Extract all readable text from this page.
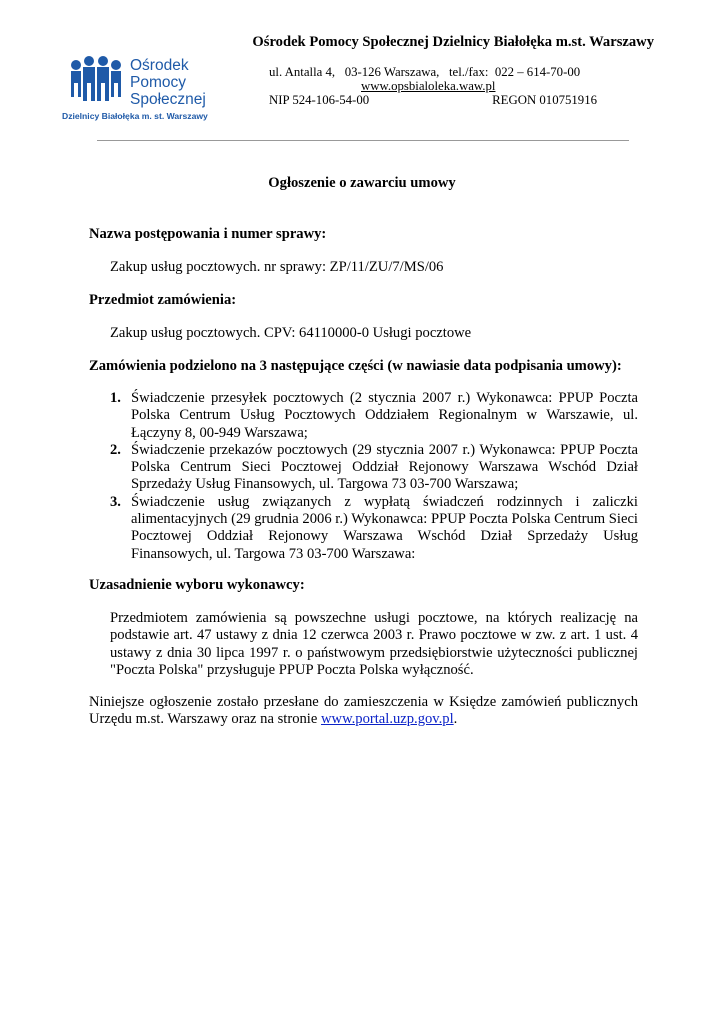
Ośrodek
Pomocy
Społecznej
Dzielnicy Białołęka m. st. Warszawy
Ośrodek Pomocy Społecznej Dzielnicy Białołęka m.st. Warszawy
ul. Antalla 4,   03-126 Warszawa,   tel./fax:  022 – 614-70-00
www.opsbialoleka.waw.pl
NIP 524-106-54-00	REGON 010751916
Ogłoszenie o zawarciu umowy
Nazwa postępowania i numer sprawy:
Zakup usług pocztowych. nr sprawy: ZP/11/ZU/7/MS/06
Przedmiot zamówienia:
Zakup usług pocztowych. CPV: 64110000-0 Usługi pocztowe
Zamówienia podzielono na 3 następujące części (w nawiasie data podpisania umowy):
1. Świadczenie przesyłek pocztowych (2 stycznia 2007 r.) Wykonawca: PPUP Poczta Polska Centrum Usług Pocztowych Oddziałem Regionalnym w Warszawie, ul. Łączyny 8, 00-949 Warszawa;
2. Świadczenie przekazów pocztowych (29 stycznia 2007 r.) Wykonawca: PPUP Poczta Polska Centrum Sieci Pocztowej Oddział Rejonowy Warszawa Wschód Dział Sprzedaży Usług Finansowych, ul. Targowa 73 03-700 Warszawa;
3. Świadczenie usług związanych z wypłatą świadczeń rodzinnych i zaliczki alimentacyjnych (29 grudnia 2006 r.) Wykonawca: PPUP Poczta Polska Centrum Sieci Pocztowej Oddział Rejonowy Warszawa Wschód Dział Sprzedaży Usług Finansowych, ul. Targowa 73 03-700 Warszawa:
Uzasadnienie wyboru wykonawcy:
Przedmiotem zamówienia są powszechne usługi pocztowe, na których realizację na podstawie art. 47 ustawy z dnia 12 czerwca 2003 r. Prawo pocztowe w zw. z art. 1 ust. 4 ustawy z dnia 30 lipca 1997 r. o państwowym przedsiębiorstwie użyteczności publicznej "Poczta Polska" przysługuje PPUP Poczta Polska wyłączność.
Niniejsze ogłoszenie zostało przesłane do zamieszczenia w Księdze zamówień publicznych Urzędu m.st. Warszawy oraz na stronie www.portal.uzp.gov.pl.
